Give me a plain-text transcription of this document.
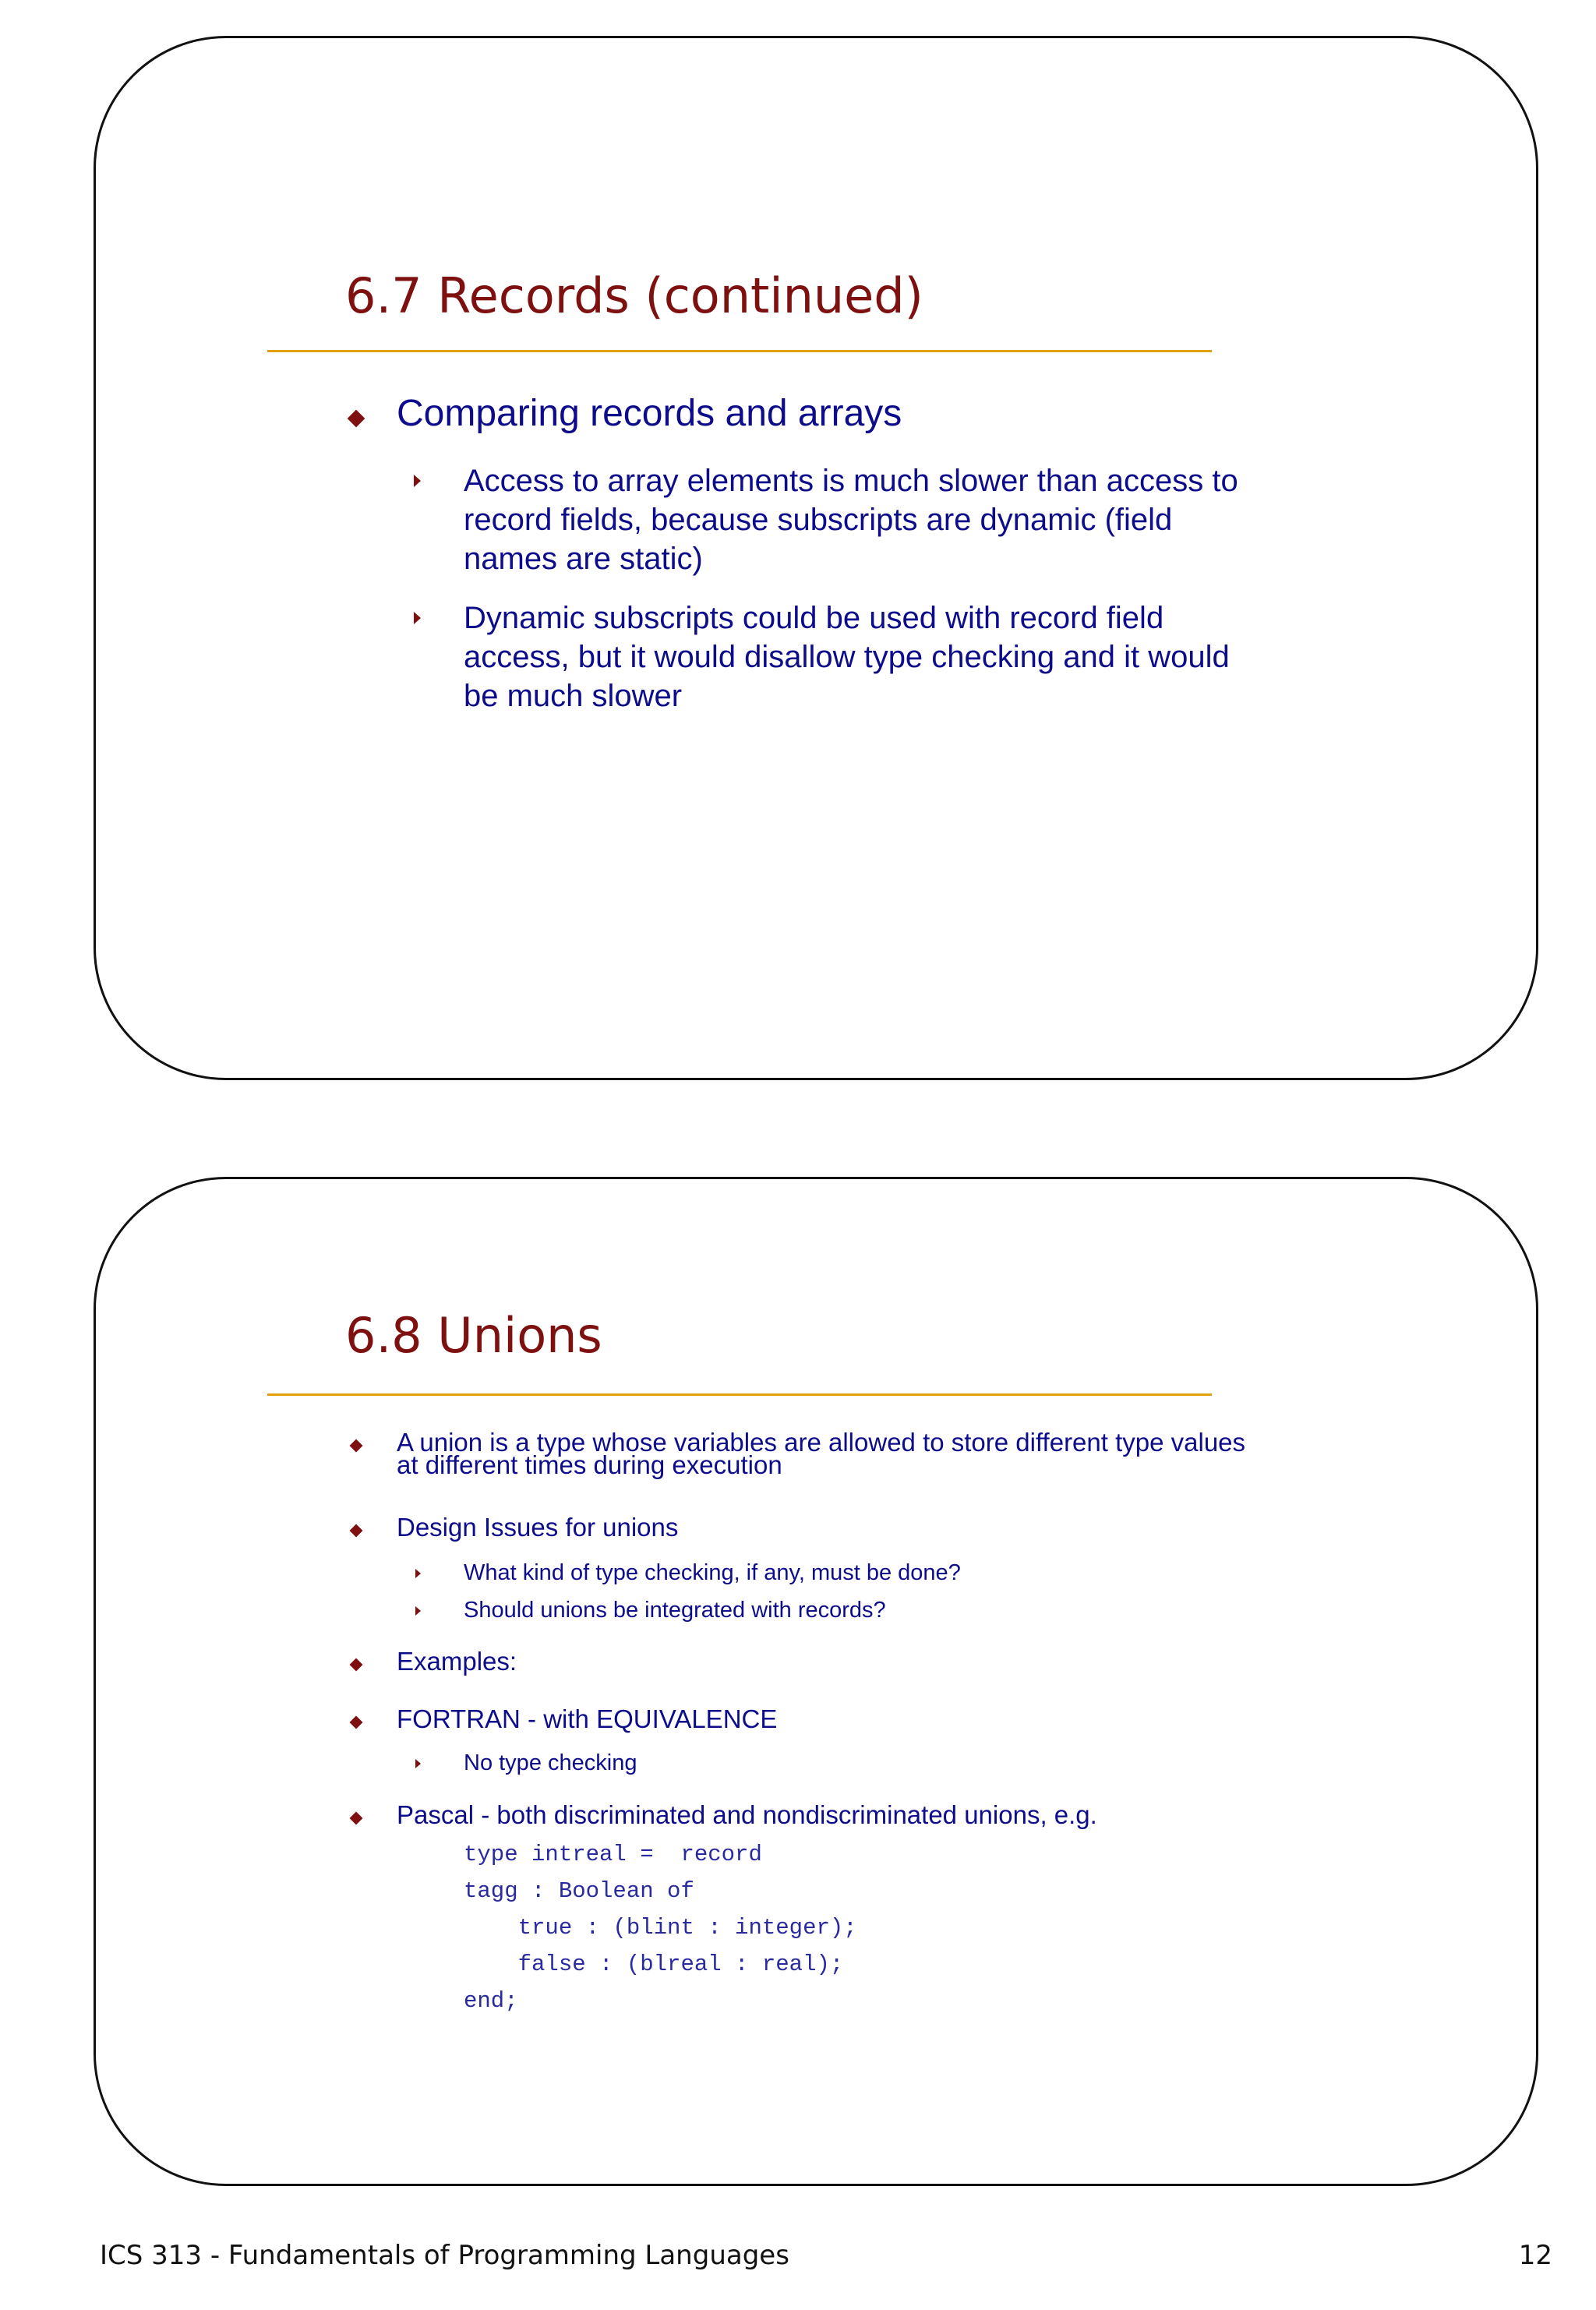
6.7 Records (continued)
Comparing records and arrays
Access to array elements is much slower than access to
record fields, because subscripts are dynamic (field
names are static)
Dynamic subscripts could be used with record field
access, but it would disallow type checking and it would
be much slower
6.8 Unions
A union is a type whose variables are allowed to store different type values
at different times during execution
Design Issues for unions
What kind of type checking, if any, must be done?
Should unions be integrated with records?
Examples:
FORTRAN - with EQUIVALENCE
No type checking
Pascal - both discriminated and nondiscriminated unions, e.g.
type intreal =  record
tagg : Boolean of
true : (blint : integer);
false : (blreal : real);
end;
ICS 313 - Fundamentals of Programming Languages	12
